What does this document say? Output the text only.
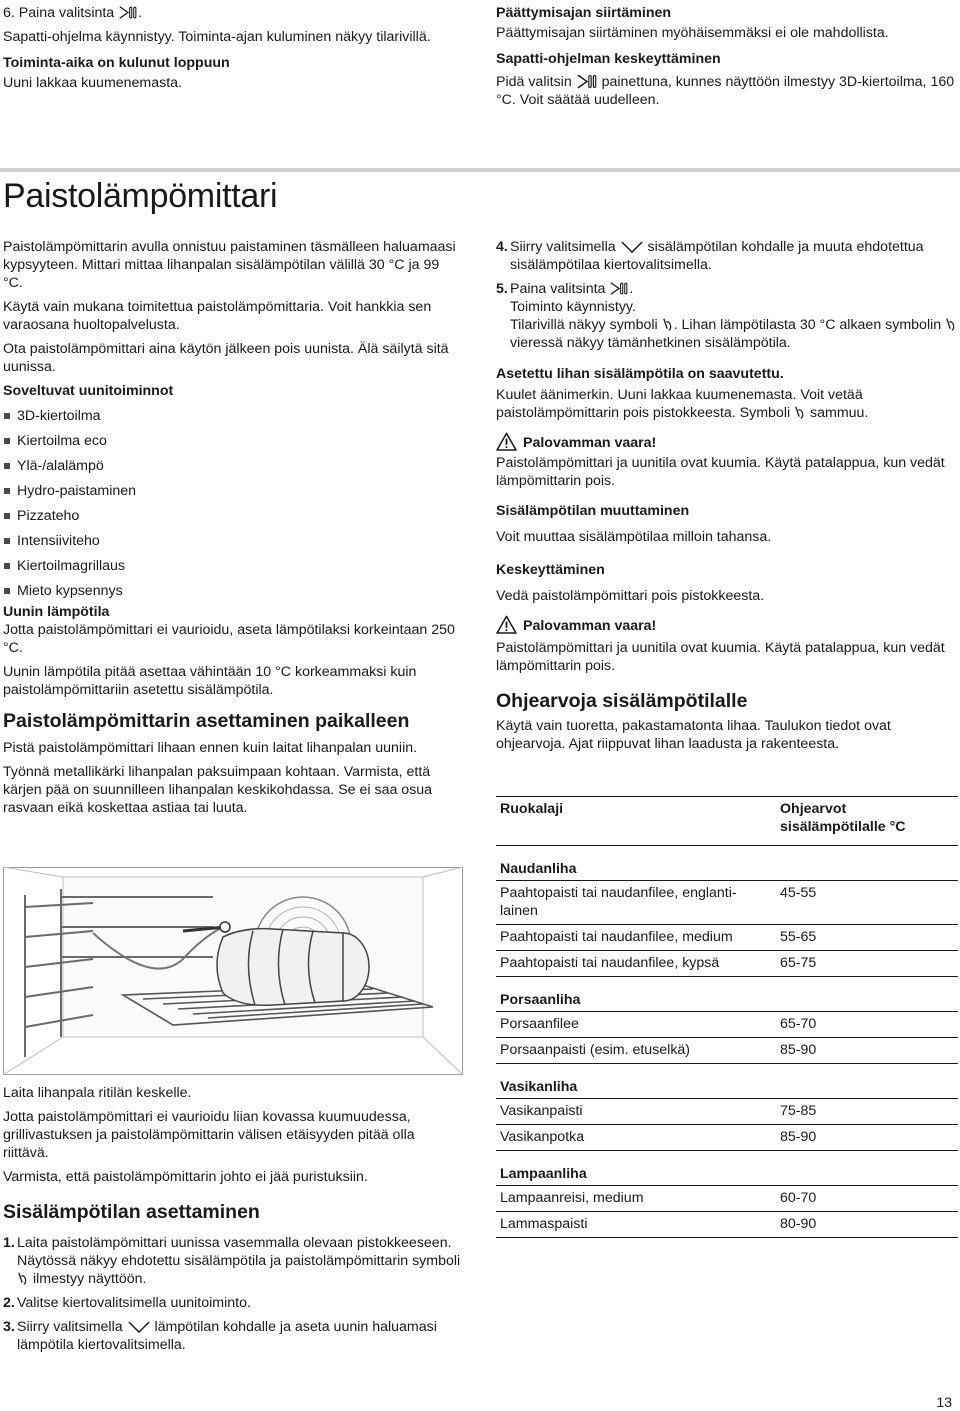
6. Paina valitsinta .

Sapatti-ohjelma käynnistyy. Toiminta-ajan kuluminen näkyy tilarivillä.

Toiminta-aika on kulunut loppuun

Uuni lakkaa kuumenemasta.

Päättymisajan siirtäminen

Päättymisajan siirtäminen myöhäisemmäksi ei ole mahdollista.

Sapatti-ohjelman keskeyttäminen

Pidä valitsin  painettuna, kunnes näyttöön ilmestyy 3D-kiertoilma, 160 °C. Voit säätää uudelleen.

Paistolämpömittari

Paistolämpömittarin avulla onnistuu paistaminen täsmälleen haluamaasi kypsyyteen. Mittari mittaa lihanpalan sisälämpötilan välillä 30 °C ja 99 °C.

Käytä vain mukana toimitettua paistolämpömittaria. Voit hankkia sen varaosana huoltopalvelusta.

Ota paistolämpömittari aina käytön jälkeen pois uunista. Älä säilytä sitä uunissa.

Soveltuvat uunitoiminnot

3D-kiertoilma
Kiertoilma eco
Ylä-/alalämpö
Hydro-paistaminen
Pizzateho
Intensiiviteho
Kiertoilmagrillaus
Mieto kypsennys

Uunin lämpötila

Jotta paistolämpömittari ei vaurioidu, aseta lämpötilaksi korkeintaan 250 °C.

Uunin lämpötila pitää asettaa vähintään 10 °C korkeammaksi kuin paistolämpömittariin asetettu sisälämpötila.

Paistolämpömittarin asettaminen paikalleen

Pistä paistolämpömittari lihaan ennen kuin laitat lihanpalan uuniin.

Työnnä metallikärki lihanpalan paksuimpaan kohtaan. Varmista, että kärjen pää on suunnilleen lihanpalan keskikohdassa. Se ei saa osua rasvaan eikä koskettaa astiaa tai luuta.

Laita lihanpala ritilän keskelle.

Jotta paistolämpömittari ei vaurioidu liian kovassa kuumuudessa, grillivastuksen ja paistolämpömittarin välisen etäisyyden pitää olla riittävä.

Varmista, että paistolämpömittarin johto ei jää puristuksiin.

Sisälämpötilan asettaminen

1. Laita paistolämpömittari uunissa vasemmalla olevaan pistokkeeseen. Näytössä näkyy ehdotettu sisälämpötila ja paistolämpömittarin symboli  ilmestyy näyttöön.
2. Valitse kiertovalitsimella uunitoiminto.
3. Siirry valitsimella  lämpötilan kohdalle ja aseta uunin haluamasi lämpötila kiertovalitsimella.
4. Siirry valitsimella  sisälämpötilan kohdalle ja muuta ehdotettua sisälämpötilaa kiertovalitsimella.
5. Paina valitsinta .
Toiminto käynnistyy.
Tilarivillä näkyy symboli . Lihan lämpötilasta 30 °C alkaen symbolin  vieressä näkyy tämänhetkinen sisälämpötila.

Asetettu lihan sisälämpötila on saavutettu.

Kuulet äänimerkin. Uuni lakkaa kuumenemasta. Voit vetää paistolämpömittarin pois pistokkeesta. Symboli  sammuu.

Palovamman vaara!

Paistolämpömittari ja uunitila ovat kuumia. Käytä patalappua, kun vedät lämpömittarin pois.

Sisälämpötilan muuttaminen

Voit muuttaa sisälämpötilaa milloin tahansa.

Keskeyttäminen

Vedä paistolämpömittari pois pistokkeesta.

Palovamman vaara!

Paistolämpömittari ja uunitila ovat kuumia. Käytä patalappua, kun vedät lämpömittarin pois.

Ohjearvoja sisälämpötilalle

Käytä vain tuoretta, pakastamatonta lihaa. Taulukon tiedot ovat ohjearvoja. Ajat riippuvat lihan laadusta ja rakenteesta.

Ruokalaji	Ohjearvot sisälämpötilalle °C
Naudanliha	
Paahtopaisti tai naudanfilee, englanti-lainen	45-55
Paahtopaisti tai naudanfilee, medium	55-65
Paahtopaisti tai naudanfilee, kypsä	65-75
Porsaanliha	
Porsaanfilee	65-70
Porsaanpaisti (esim. etuselkä)	85-90
Vasikanliha	
Vasikanpaisti	75-85
Vasikanpotka	85-90
Lampaanliha	
Lampaanreisi, medium	60-70
Lammaspaisti	80-90
13
